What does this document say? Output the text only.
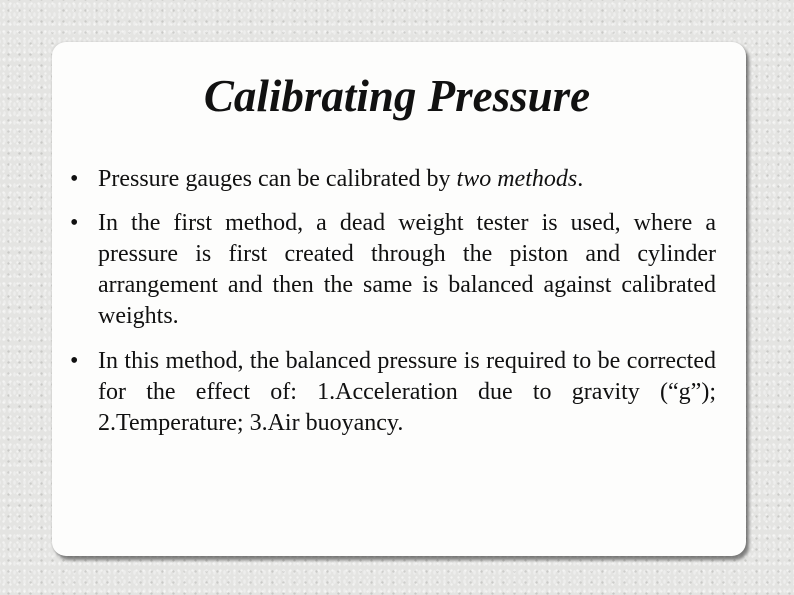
Calibrating Pressure
• Pressure gauges can be calibrated by two methods.
• In the first method, a dead weight tester is used, where a pressure is first created through the piston and cylinder arrangement and then the same is balanced against calibrated weights.
• In this method, the balanced pressure is required to be corrected for the effect of: 1.Acceleration due to gravity (“g”); 2.Temperature; 3.Air buoyancy.
